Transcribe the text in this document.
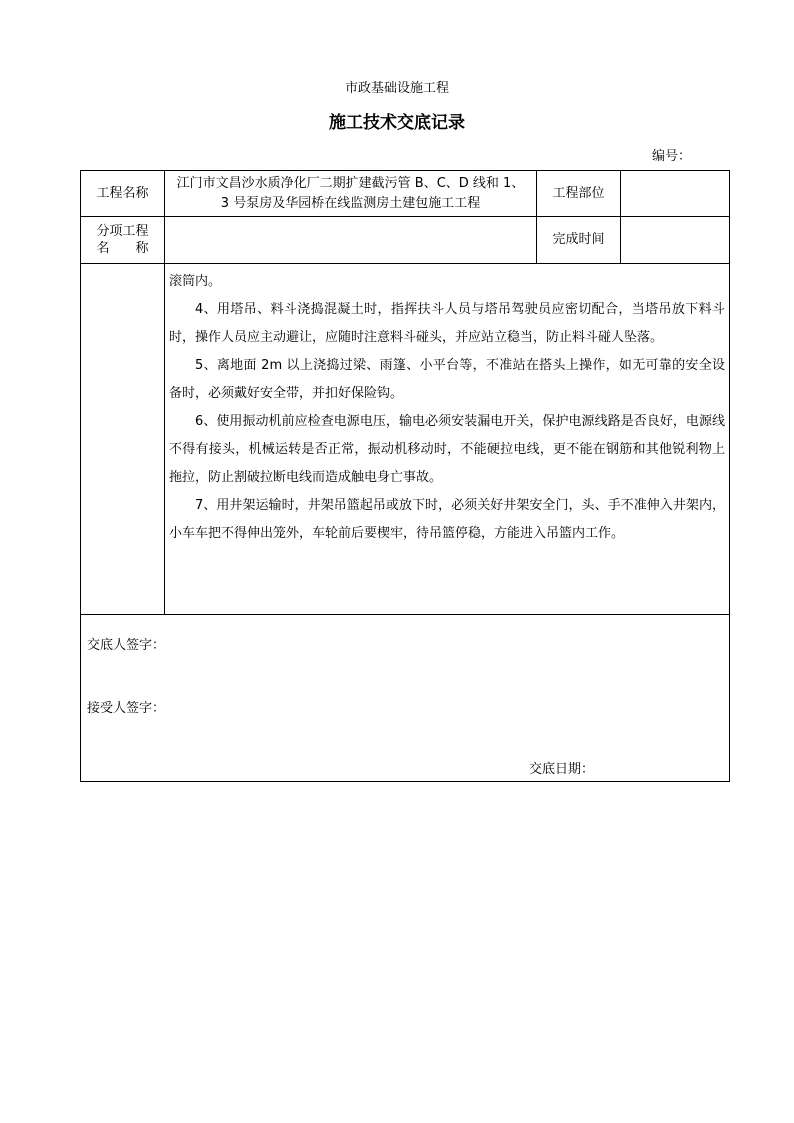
市政基础设施工程
施工技术交底记录
编号：
工程名称	江门市文昌沙水质净化厂二期扩建截污管 B、C、D 线和 1、
3 号泵房及华园桥在线监测房土建包施工工程	工程部位	

分项工程
名　　称		完成时间	

	滚筒内。

4、用塔吊、料斗浇捣混凝土时，指挥扶斗人员与塔吊驾驶员应密切配合，当塔吊放下料斗时，操作人员应主动避让，应随时注意料斗碰头，并应站立稳当，防止料斗碰人坠落。

5、离地面 2m 以上浇捣过梁、雨篷、小平台等，不准站在搭头上操作，如无可靠的安全设备时，必须戴好安全带，并扣好保险钩。

6、使用振动机前应检查电源电压，输电必须安装漏电开关，保护电源线路是否良好，电源线不得有接头，机械运转是否正常，振动机移动时，不能硬拉电线，更不能在钢筋和其他锐利物上拖拉，防止割破拉断电线而造成触电身亡事故。

7、用井架运输时，井架吊篮起吊或放下时，必须关好井架安全门，头、手不准伸入井架内，小车车把不得伸出笼外，车轮前后要楔牢，待吊篮停稳，方能进入吊篮内工作。		

交底人签字：
接受人签字：
交底日期：			
